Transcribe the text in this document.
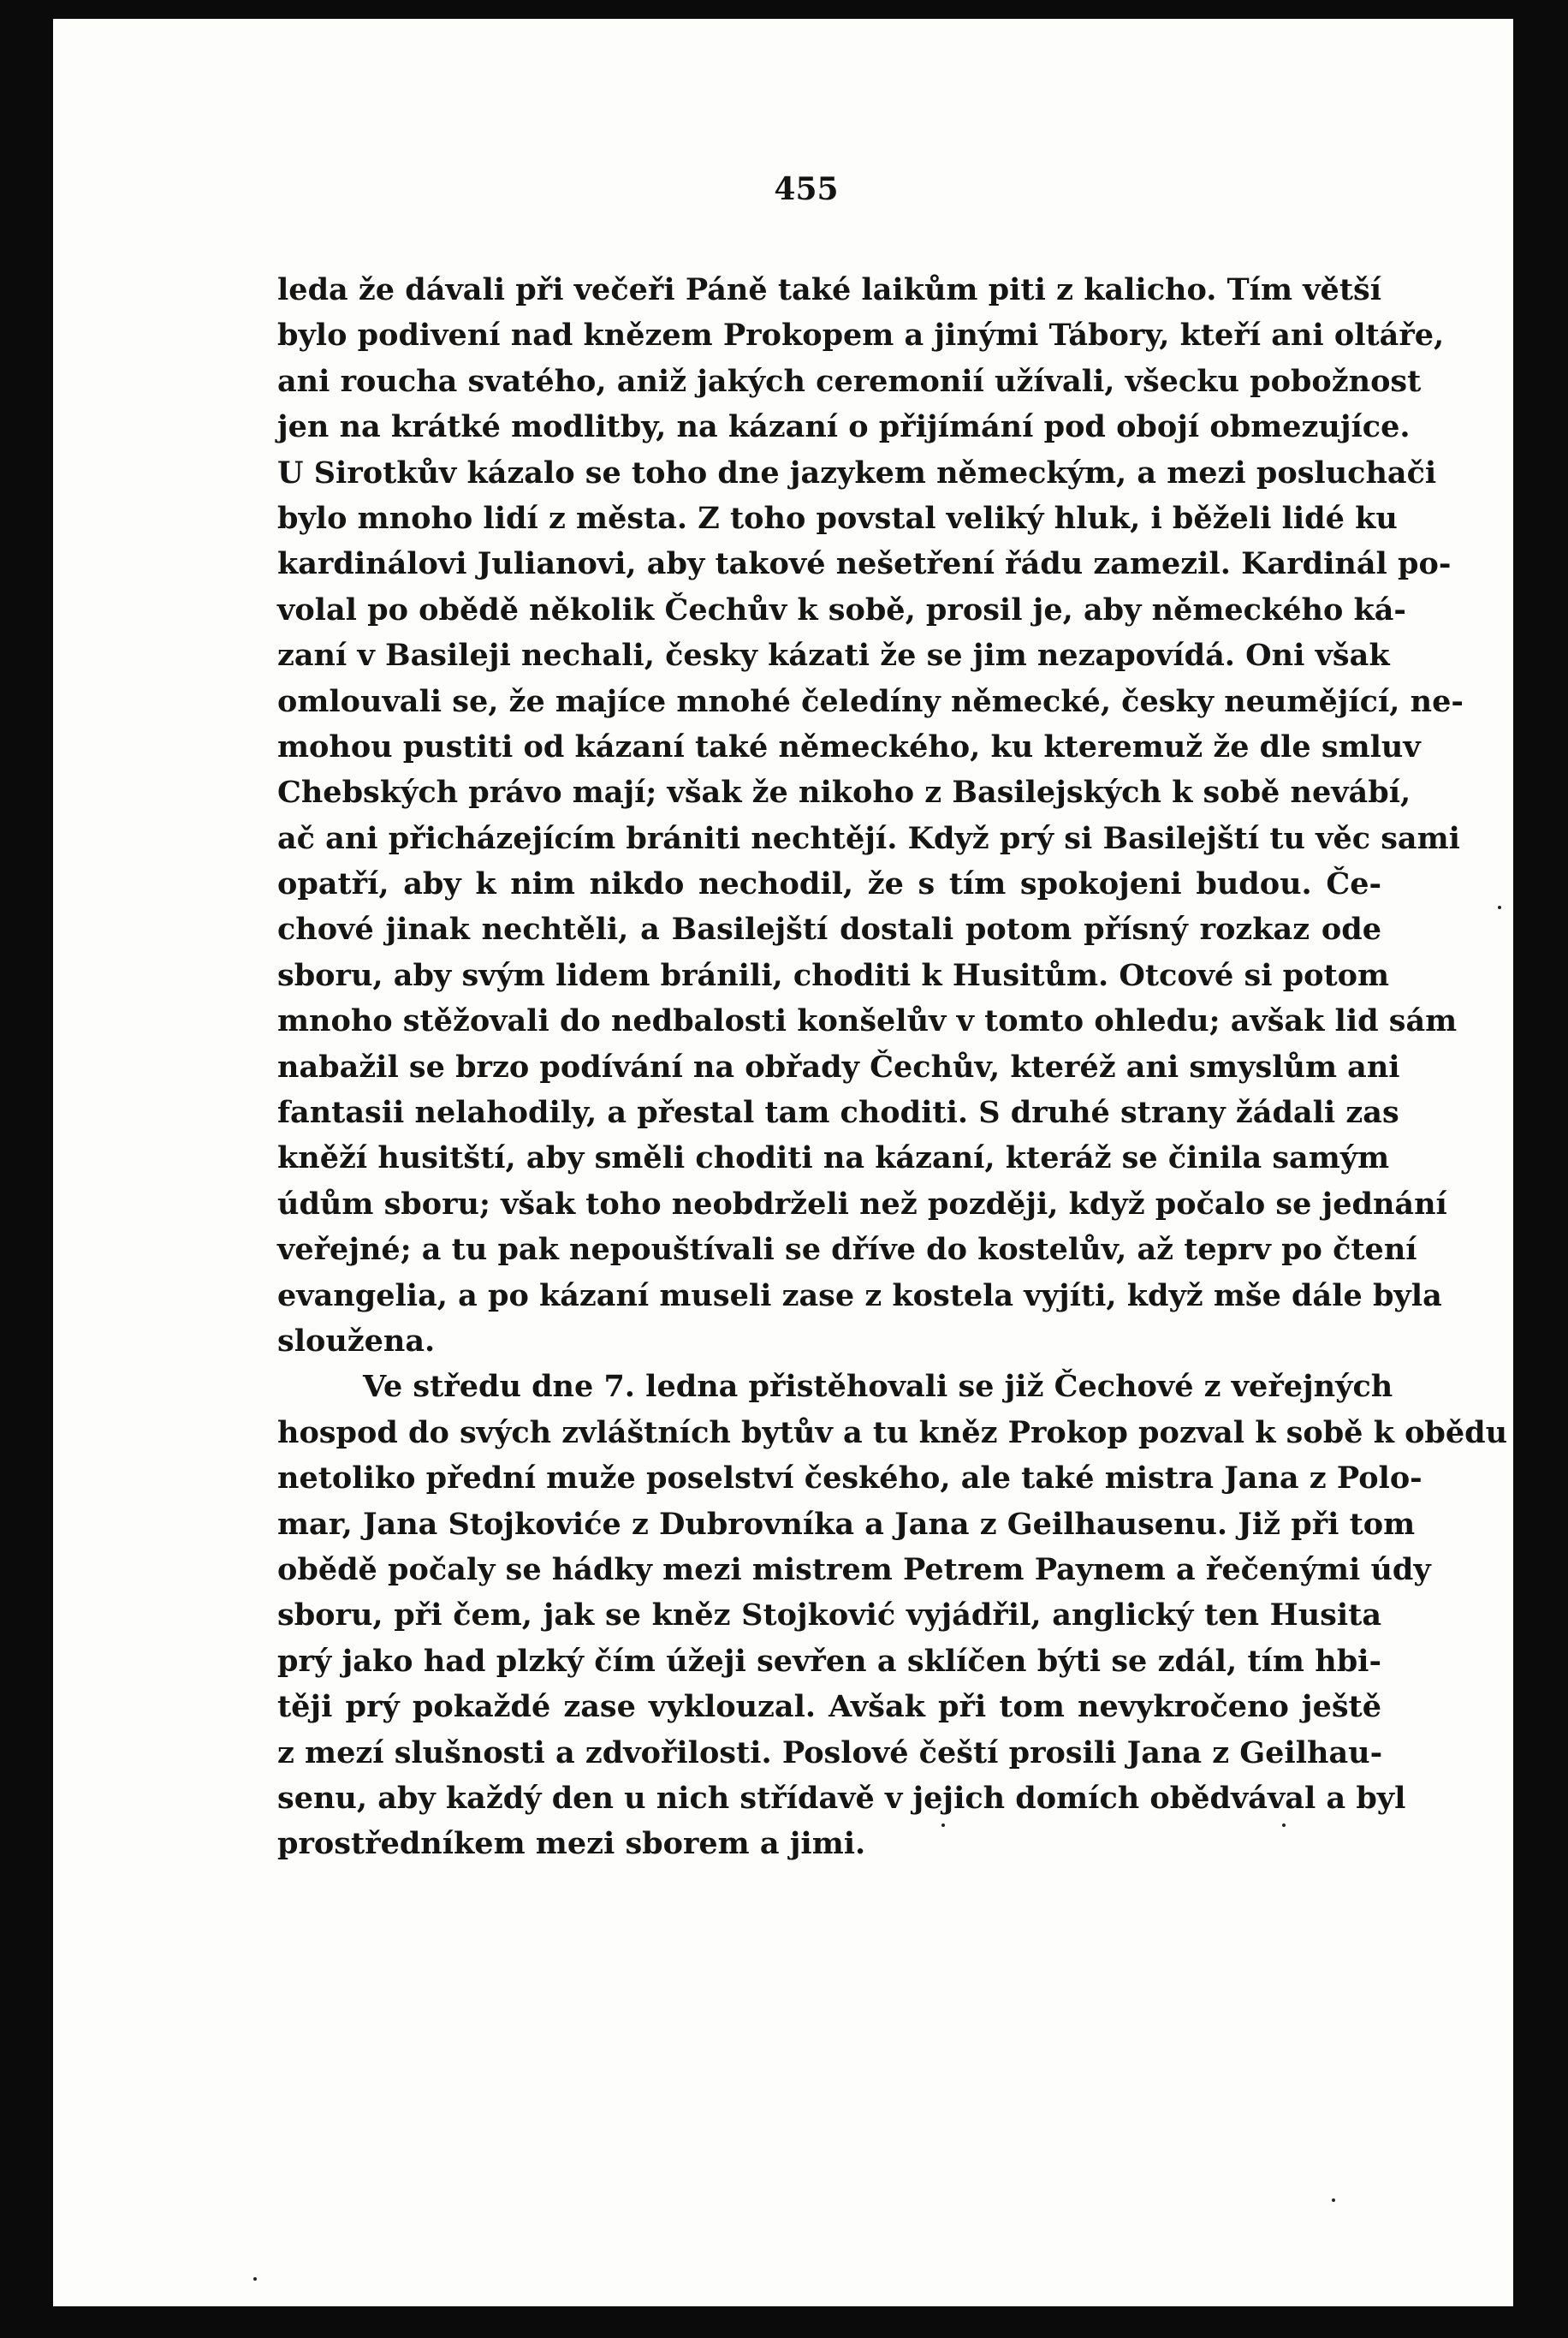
455
leda že dávali při večeři Páně také laikům piti z kalicho. Tím větší
bylo podivení nad knězem Prokopem a jinými Tábory, kteří ani oltáře,
ani roucha svatého, aniž jakých ceremonií užívali, všecku pobožnost
jen na krátké modlitby, na kázaní o přijímání pod obojí obmezujíce.
U Sirotkův kázalo se toho dne jazykem německým, a mezi posluchači
bylo mnoho lidí z města. Z toho povstal veliký hluk, i běželi lidé ku
kardinálovi Julianovi, aby takové nešetření řádu zamezil. Kardinál po-
volal po obědě několik Čechův k sobě, prosil je, aby německého ká-
zaní v Basileji nechali, česky kázati že se jim nezapovídá. Oni však
omlouvali se, že majíce mnohé čeledíny německé, česky neumějící, ne-
mohou pustiti od kázaní také německého, ku kteremuž že dle smluv
Chebských právo mají; však že nikoho z Basilejských k sobě nevábí,
ač ani přicházejícím brániti nechtějí. Když prý si Basilejští tu věc sami
opatří, aby k nim nikdo nechodil, že s tím spokojeni budou. Če-
chové jinak nechtěli, a Basilejští dostali potom přísný rozkaz ode
sboru, aby svým lidem bránili, choditi k Husitům. Otcové si potom
mnoho stěžovali do nedbalosti konšelův v tomto ohledu; avšak lid sám
nabažil se brzo podívání na obřady Čechův, kteréž ani smyslům ani
fantasii nelahodily, a přestal tam choditi. S druhé strany žádali zas
kněží husitští, aby směli choditi na kázaní, kteráž se činila samým
údům sboru; však toho neobdrželi než později, když počalo se jednání
veřejné; a tu pak nepouštívali se dříve do kostelův, až teprv po čtení
evangelia, a po kázaní museli zase z kostela vyjíti, když mše dále byla
sloužena.
Ve středu dne 7. ledna přistěhovali se již Čechové z veřejných
hospod do svých zvláštních bytův a tu kněz Prokop pozval k sobě k obědu
netoliko přední muže poselství českého, ale také mistra Jana z Polo-
mar, Jana Stojkoviće z Dubrovníka a Jana z Geilhausenu. Již při tom
obědě počaly se hádky mezi mistrem Petrem Paynem a řečenými údy
sboru, při čem, jak se kněz Stojković vyjádřil, anglický ten Husita
prý jako had plzký čím úžeji sevřen a sklíčen býti se zdál, tím hbi-
těji prý pokaždé zase vyklouzal. Avšak při tom nevykročeno ještě
z mezí slušnosti a zdvořilosti. Poslové čeští prosili Jana z Geilhau-
senu, aby každý den u nich střídavě v jejich domích obědvával a byl
prostředníkem mezi sborem a jimi.
